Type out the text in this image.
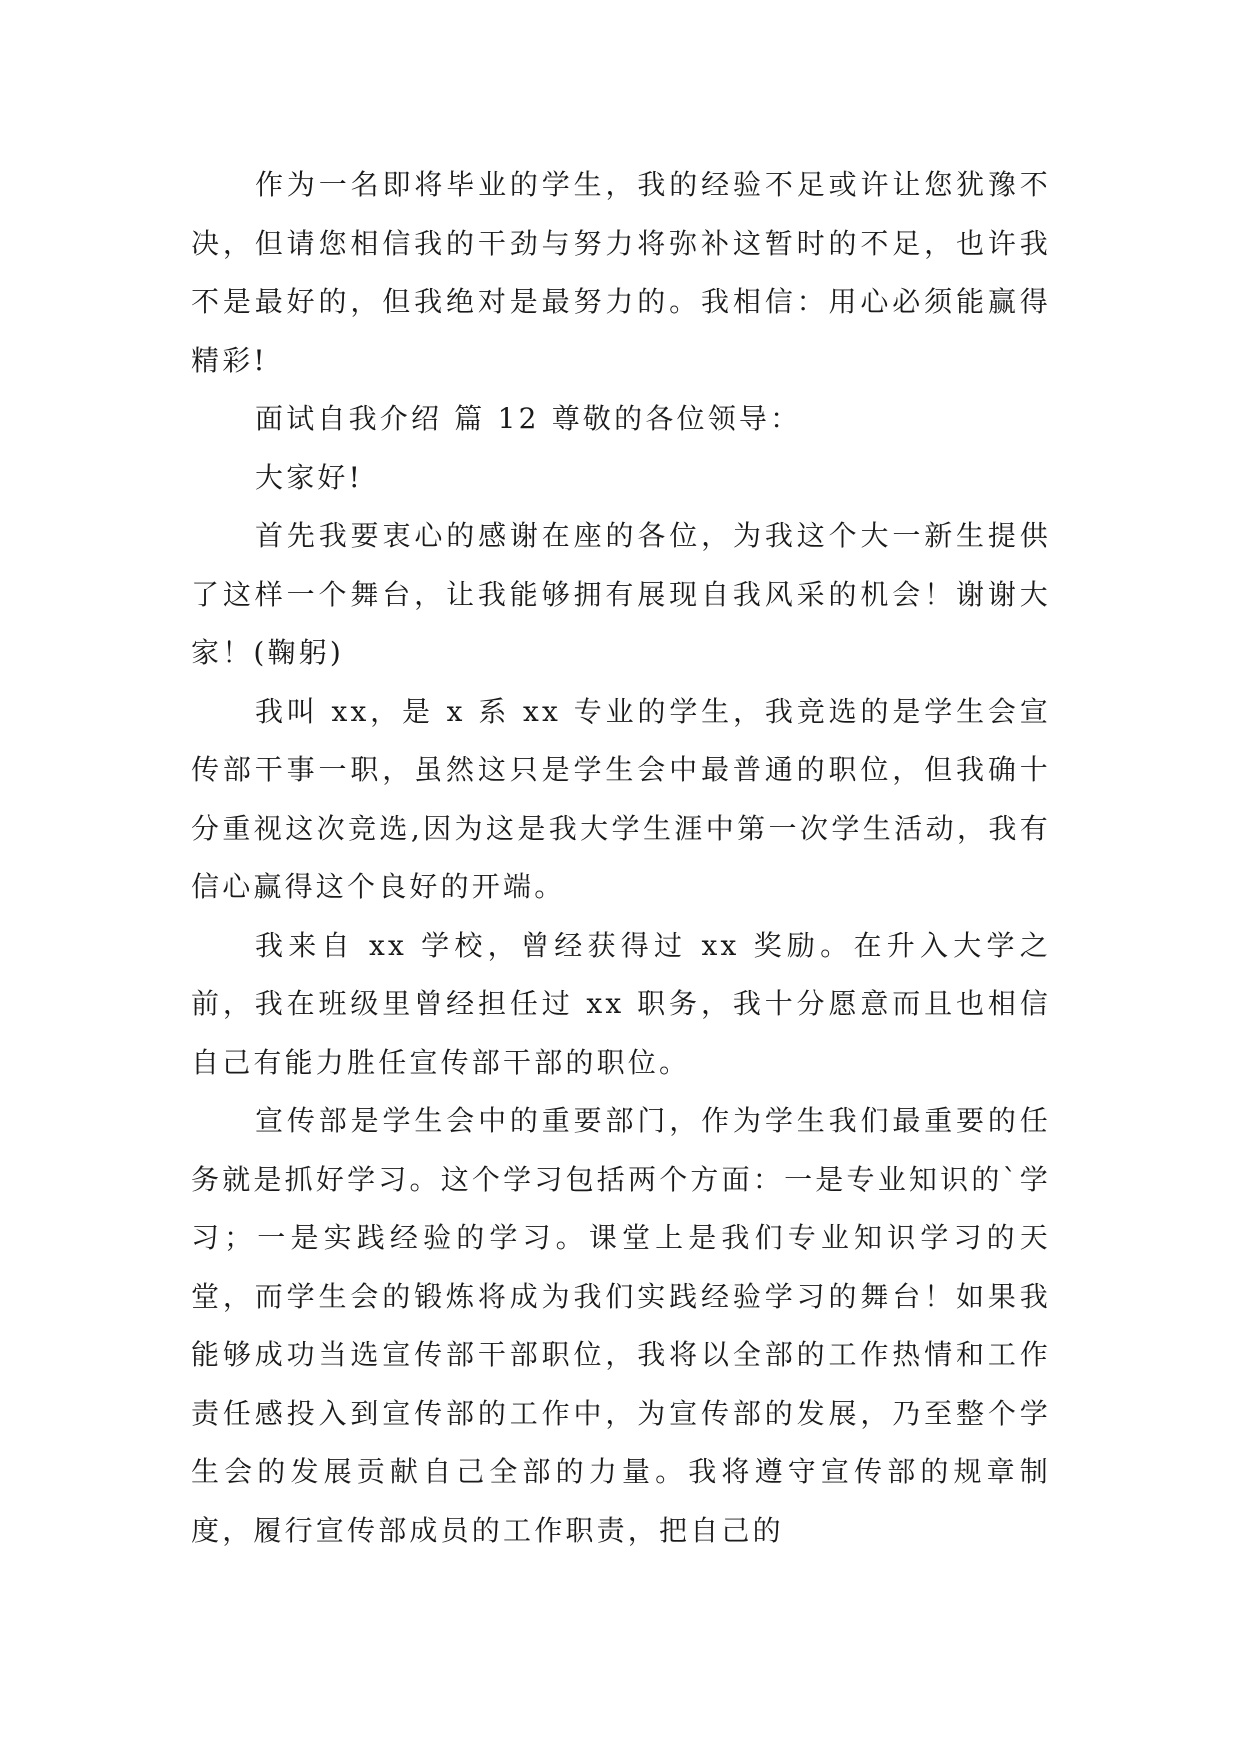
作为一名即将毕业的学生，我的经验不足或许让您犹豫不决，但请您相信我的干劲与努力将弥补这暂时的不足，也许我不是最好的，但我绝对是最努力的。我相信：用心必须能赢得精彩!

面试自我介绍 篇 12 尊敬的各位领导：

大家好!

首先我要衷心的感谢在座的各位，为我这个大一新生提供了这样一个舞台，让我能够拥有展现自我风采的机会！谢谢大家！(鞠躬)

我叫 xx，是 x 系 xx 专业的学生，我竞选的是学生会宣传部干事一职，虽然这只是学生会中最普通的职位，但我确十分重视这次竞选,因为这是我大学生涯中第一次学生活动，我有信心赢得这个良好的开端。

我来自 xx 学校，曾经获得过 xx 奖励。在升入大学之前，我在班级里曾经担任过 xx 职务，我十分愿意而且也相信自己有能力胜任宣传部干部的职位。

宣传部是学生会中的重要部门，作为学生我们最重要的任务就是抓好学习。这个学习包括两个方面：一是专业知识的`学习；一是实践经验的学习。课堂上是我们专业知识学习的天堂，而学生会的锻炼将成为我们实践经验学习的舞台！如果我能够成功当选宣传部干部职位，我将以全部的工作热情和工作责任感投入到宣传部的工作中，为宣传部的发展，乃至整个学生会的发展贡献自己全部的力量。我将遵守宣传部的规章制度，履行宣传部成员的工作职责，把自己的
